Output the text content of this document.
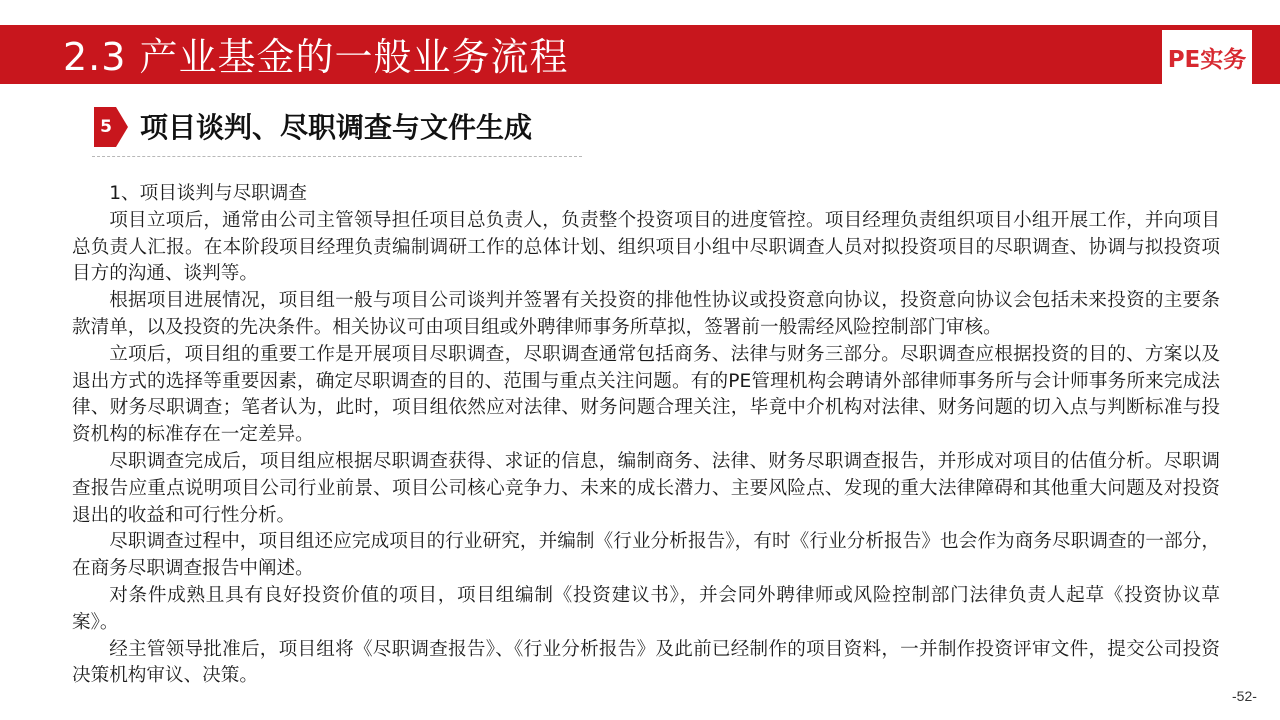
2.3 产业基金的一般业务流程	PE实务
5 项目谈判、尽职调查与文件生成

1、项目谈判与尽职调查

项目立项后，通常由公司主管领导担任项目总负责人，负责整个投资项目的进度管控。项目经理负责组织项目小组开展工作，并向项目总负责人汇报。在本阶段项目经理负责编制调研工作的总体计划、组织项目小组中尽职调查人员对拟投资项目的尽职调查、协调与拟投资项目方的沟通、谈判等。

根据项目进展情况，项目组一般与项目公司谈判并签署有关投资的排他性协议或投资意向协议，投资意向协议会包括未来投资的主要条款清单，以及投资的先决条件。相关协议可由项目组或外聘律师事务所草拟，签署前一般需经风险控制部门审核。

立项后，项目组的重要工作是开展项目尽职调查，尽职调查通常包括商务、法律与财务三部分。尽职调查应根据投资的目的、方案以及退出方式的选择等重要因素，确定尽职调查的目的、范围与重点关注问题。有的PE管理机构会聘请外部律师事务所与会计师事务所来完成法律、财务尽职调查；笔者认为，此时，项目组依然应对法律、财务问题合理关注，毕竟中介机构对法律、财务问题的切入点与判断标准与投资机构的标准存在一定差异。

尽职调查完成后，项目组应根据尽职调查获得、求证的信息，编制商务、法律、财务尽职调查报告，并形成对项目的估值分析。尽职调查报告应重点说明项目公司行业前景、项目公司核心竞争力、未来的成长潜力、主要风险点、发现的重大法律障碍和其他重大问题及对投资退出的收益和可行性分析。

尽职调查过程中，项目组还应完成项目的行业研究，并编制《行业分析报告》，有时《行业分析报告》也会作为商务尽职调查的一部分，在商务尽职调查报告中阐述。

对条件成熟且具有良好投资价值的项目，项目组编制《投资建议书》，并会同外聘律师或风险控制部门法律负责人起草《投资协议草案》。

经主管领导批准后，项目组将《尽职调查报告》、《行业分析报告》及此前已经制作的项目资料，一并制作投资评审文件，提交公司投资决策机构审议、决策。

-52-
